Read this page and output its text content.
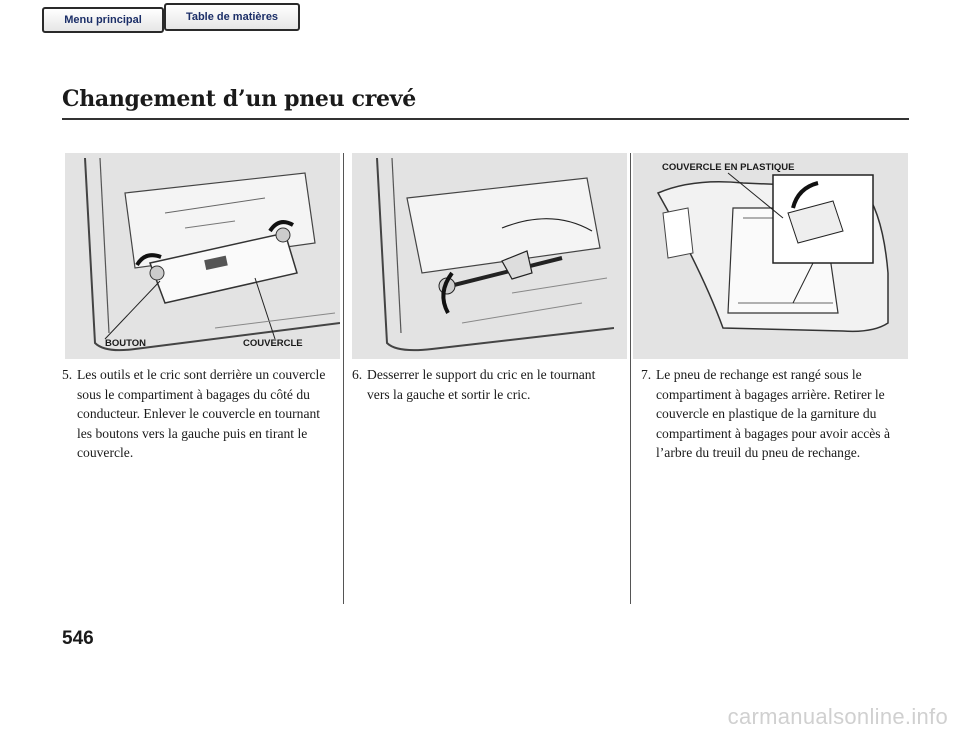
Menu principal	Table de matières
Changement d’un pneu crevé
BOUTON	COUVERCLE
COUVERCLE EN PLASTIQUE
5. Les outils et le cric sont derrière un couvercle sous le compartiment à bagages du côté du conducteur. Enlever le couvercle en tournant les boutons vers la gauche puis en tirant le couvercle.
6. Desserrer le support du cric en le tournant vers la gauche et sortir le cric.
7. Le pneu de rechange est rangé sous le compartiment à bagages arrière. Retirer le couvercle en plastique de la garniture du compartiment à bagages pour avoir accès à l’arbre du treuil du pneu de rechange.
546
carmanualsonline.info
